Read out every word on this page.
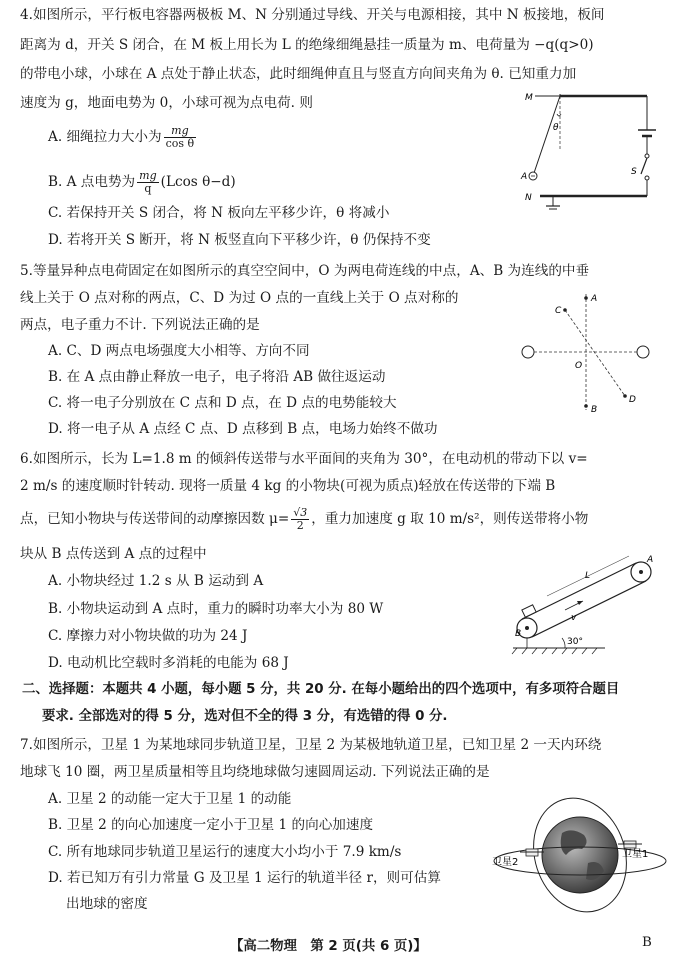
4.如图所示，平行板电容器两极板 M、N 分别通过导线、开关与电源相接，其中 N 板接地，板间
距离为 d，开关 S 闭合，在 M 板上用长为 L 的绝缘细绳悬挂一质量为 m、电荷量为 −q(q>0)
的带电小球，小球在 A 点处于静止状态，此时细绳伸直且与竖直方向间夹角为 θ. 已知重力加
速度为 g，地面电势为 0，小球可视为点电荷. 则
A. 细绳拉力大小为 $\frac{mg}{\text{cos θ}}$
B. A 点电势为 $\frac{mg}{q} (Lcos$ θ−d)
C. 若保持开关 S 闭合，将 N 板向左平移少许，θ 将减小
D. 若将开关 S 断开，将 N 板竖直向下平移少许，θ 仍保持不变
M
N
A	S
θ
5.等量异种点电荷固定在如图所示的真空空间中，O 为两电荷连线的中点，A、B 为连线的中垂
线上关于 O 点对称的两点，C、D 为过 O 点的一直线上关于 O 点对称的
两点，电子重力不计. 下列说法正确的是
A. C、D 两点电场强度大小相等、方向不同
B. 在 A 点由静止释放一电子，电子将沿 AB 做往返运动
C. 将一电子分别放在 C 点和 D 点，在 D 点的电势能较大
D. 将一电子从 A 点经 C 点、D 点移到 B 点，电场力始终不做功
A
B
C
D
O
6.如图所示，长为 L=1.8 m 的倾斜传送带与水平面间的夹角为 30°，在电动机的带动下以 v=
2 m/s 的速度顺时针转动. 现将一质量 4 kg 的小物块(可视为质点)轻放在传送带的下端 B
点，已知小物块与传送带间的动摩擦因数 $\mu= \frac{√3}{2}$ ，重力加速度 g 取 10 m/s²，则传送带将小物
块从 B 点传送到 A 点的过程中
A. 小物块经过 1.2 s 从 B 运动到 A
B. 小物块运动到 A 点时，重力的瞬时功率大小为 80 W
C. 摩擦力对小物块做的功为 24 J
D. 电动机比空载时多消耗的电能为 68 J
B
A
L
v
30°
二、选择题：本题共 4 小题，每小题 5 分，共 20 分. 在每小题给出的四个选项中，有多项符合题目
要求. 全部选对的得 5 分，选对但不全的得 3 分，有选错的得 0 分.
7.如图所示，卫星 1 为某地球同步轨道卫星，卫星 2 为某极地轨道卫星，已知卫星 2 一天内环绕
地球飞 10 圈，两卫星质量相等且均绕地球做匀速圆周运动. 下列说法正确的是
A. 卫星 2 的动能一定大于卫星 1 的动能
B. 卫星 2 的向心加速度一定小于卫星 1 的向心加速度
C. 所有地球同步轨道卫星运行的速度大小均小于 7.9 km/s
D. 若已知万有引力常量 G 及卫星 1 运行的轨道半径 r，则可估算
出地球的密度
卫星1
卫星2
【高二物理　第 2 页(共 6 页)】	B
